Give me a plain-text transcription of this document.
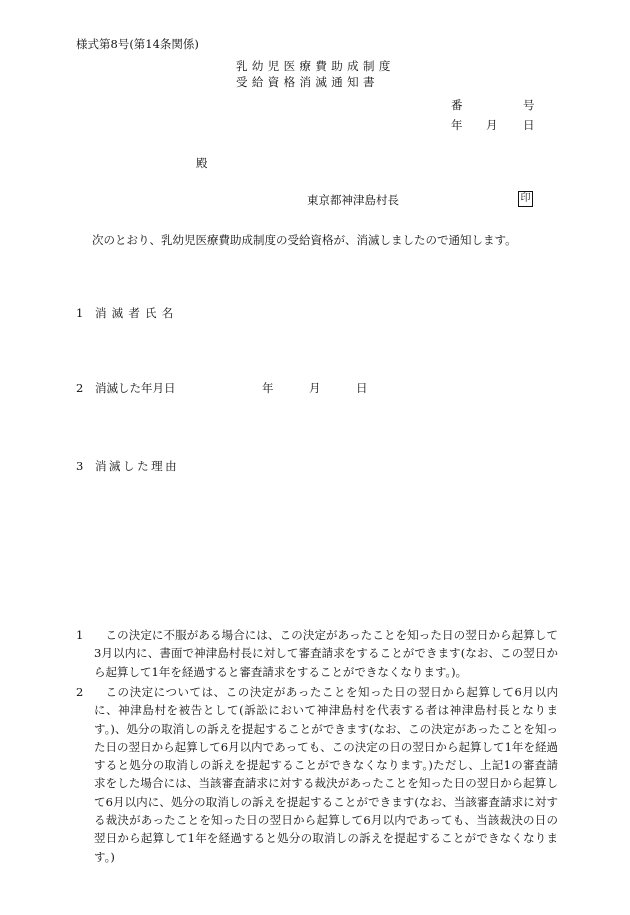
様式第8号(第14条関係)
乳幼児医療費助成制度
受給資格消滅通知書
番	号
年 月 日
殿
東京都神津島村長	印
次のとおり、乳幼児医療費助成制度の受給資格が、消滅しましたので通知します。
1 消滅者氏名
2 消滅した年月日	年	月	日
3 消滅した理由
1	この決定に不服がある場合には、この決定があったことを知った日の翌日から起算して3月以内に、書面で神津島村長に対して審査請求をすることができます(なお、この翌日から起算して1年を経過すると審査請求をすることができなくなります。)。
2	この決定については、この決定があったことを知った日の翌日から起算して6月以内に、神津島村を被告として(訴訟において神津島村を代表する者は神津島村長となります。)、処分の取消しの訴えを提起することができます(なお、この決定があったことを知った日の翌日から起算して6月以内であっても、この決定の日の翌日から起算して1年を経過すると処分の取消しの訴えを提起することができなくなります。)ただし、上記1の審査請求をした場合には、当該審査請求に対する裁決があったことを知った日の翌日から起算して6月以内に、処分の取消しの訴えを提起することができます(なお、当該審査請求に対する裁決があったことを知った日の翌日から起算して6月以内であっても、当該裁決の日の翌日から起算して1年を経過すると処分の取消しの訴えを提起することができなくなります。)
